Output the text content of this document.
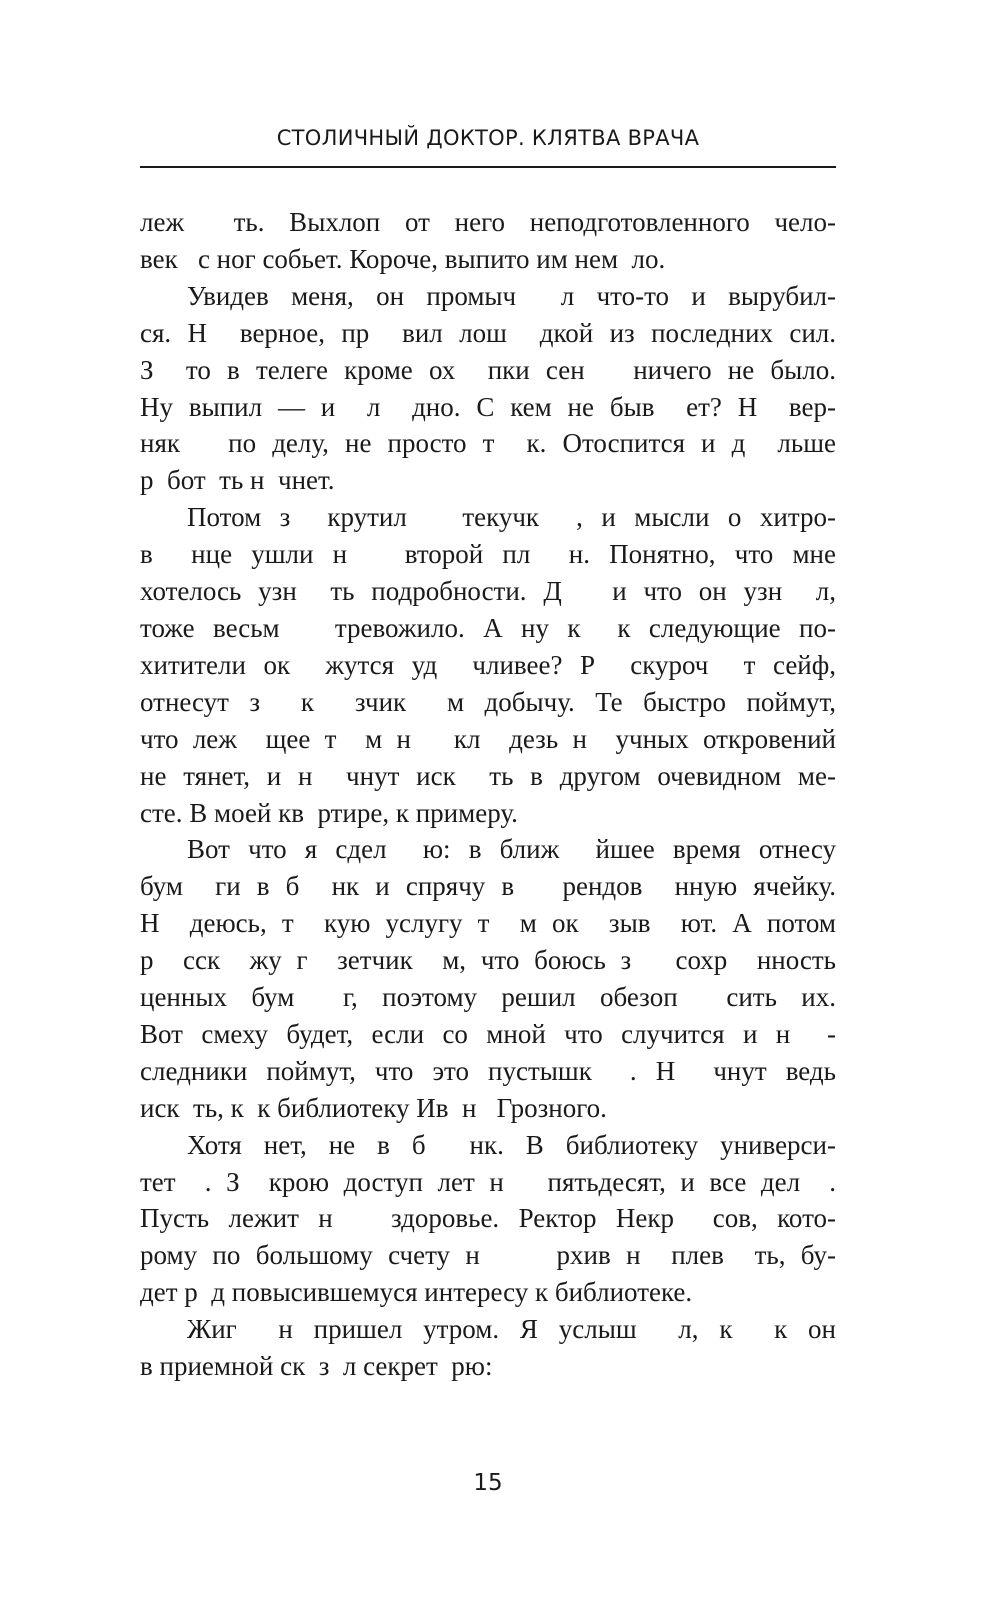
СТОЛИЧНЫЙ ДОКТОР. КЛЯТВА ВРАЧА
леж  ть. Выхлоп от него неподготовленного чело-
век   с ног собьет. Короче, выпито им нем  ло.
Увидев меня, он промыч  л что-то и вырубил-
ся. Н  верное, пр  вил лош  дкой из последних сил.
З  то в телеге кроме ох  пки сен   ничего не было.
Ну выпил — и  л  дно. С кем не быв  ет? Н  вер-
няк   по делу, не просто т  к. Отоспится и д  льше
р  бот  ть н  чнет.
Потом з  крутил   текучк  , и мысли о хитро-
в  нце ушли н   второй пл  н. Понятно, что мне
хотелось узн  ть подробности. Д   и что он узн  л,
тоже весьм   тревожило. А ну к  к следующие по-
хитители ок  жутся уд  чливее? Р  скуроч  т сейф,
отнесут з  к  зчик  м добычу. Те быстро поймут,
что леж  щее т  м н   кл  дезь н  учных откровений
не тянет, и н  чнут иск  ть в другом очевидном ме-
сте. В моей кв  ртире, к примеру.
Вот что я сдел  ю: в ближ  йшее время отнесу
бум  ги в б  нк и спрячу в   рендов  нную ячейку.
Н  деюсь, т  кую услугу т  м ок  зыв  ют. А потом
р  сск  жу г  зетчик  м, что боюсь з   сохр  нность
ценных бум  г, поэтому решил обезоп  сить их.
Вот смеху будет, если со мной что случится и н  -
следники поймут, что это пустышк  . Н  чнут ведь
иск  ть, к  к библиотеку Ив  н   Грозного.
Хотя нет, не в б  нк. В библиотеку универси-
тет  . З  крою доступ лет н   пятьдесят, и все дел  .
Пусть лежит н   здоровье. Ректор Некр  сов, кото-
рому по большому счету н     рхив н  плев  ть, бу-
дет р  д повысившемуся интересу к библиотеке.
Жиг  н пришел утром. Я услыш  л, к  к он
в приемной ск  з  л секрет  рю:
15
